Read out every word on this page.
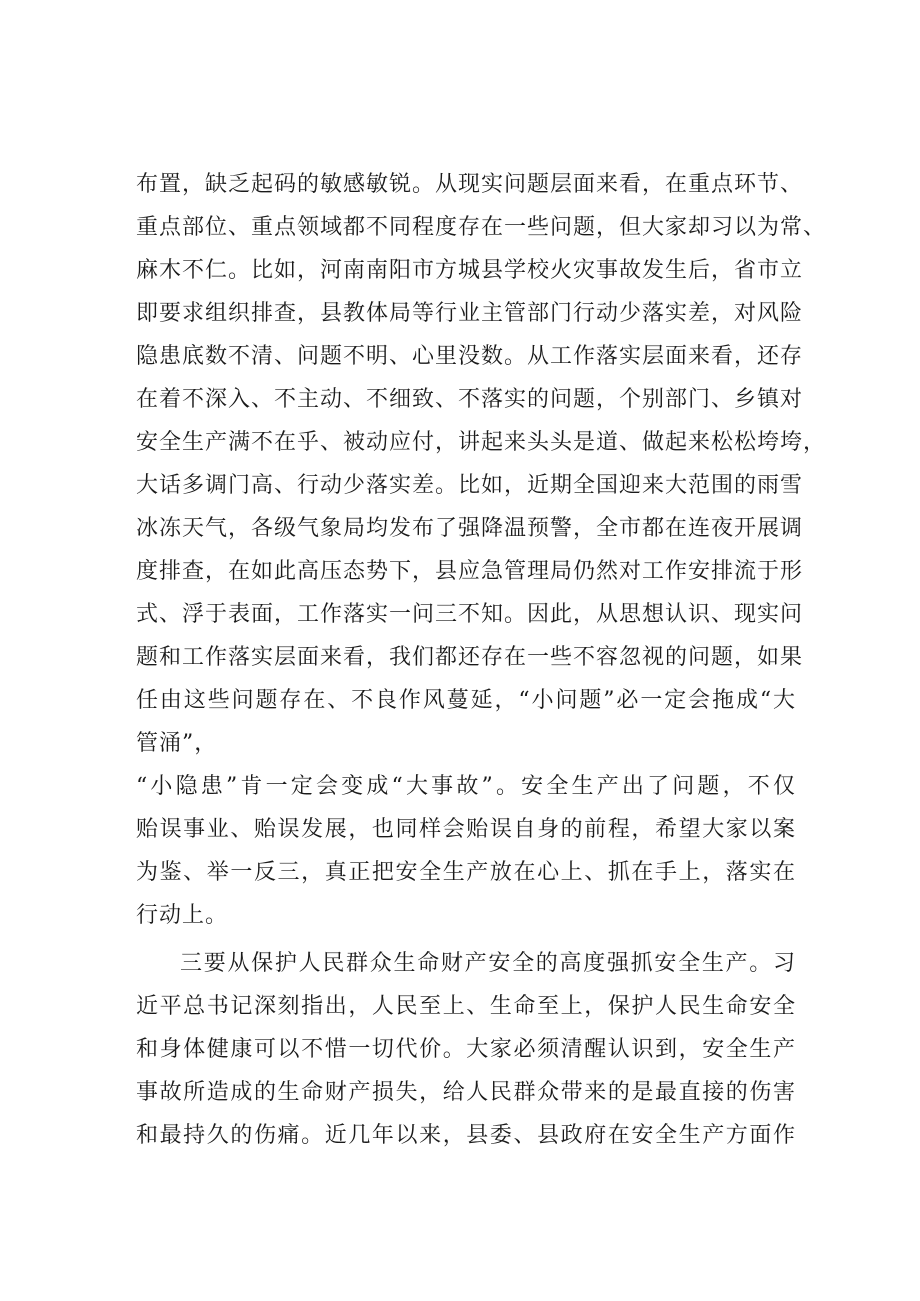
布置，缺乏起码的敏感敏锐。从现实问题层面来看，在重点环节、
重点部位、重点领域都不同程度存在一些问题，但大家却习以为常、
麻木不仁。比如，河南南阳市方城县学校火灾事故发生后，省市立
即要求组织排查，县教体局等行业主管部门行动少落实差，对风险
隐患底数不清、问题不明、心里没数。从工作落实层面来看，还存
在着不深入、不主动、不细致、不落实的问题，个别部门、乡镇对
安全生产满不在乎、被动应付，讲起来头头是道、做起来松松垮垮，
大话多调门高、行动少落实差。比如，近期全国迎来大范围的雨雪
冰冻天气，各级气象局均发布了强降温预警，全市都在连夜开展调
度排查，在如此高压态势下，县应急管理局仍然对工作安排流于形
式、浮于表面，工作落实一问三不知。因此，从思想认识、现实问
题和工作落实层面来看，我们都还存在一些不容忽视的问题，如果
任由这些问题存在、不良作风蔓延，“小问题”必一定会拖成“大
管涌”，
“小隐患”肯一定会变成“大事故”。安全生产出了问题，不仅
贻误事业、贻误发展，也同样会贻误自身的前程，希望大家以案
为鉴、举一反三，真正把安全生产放在心上、抓在手上，落实在
行动上。
三要从保护人民群众生命财产安全的高度强抓安全生产。习
近平总书记深刻指出，人民至上、生命至上，保护人民生命安全
和身体健康可以不惜一切代价。大家必须清醒认识到，安全生产
事故所造成的生命财产损失，给人民群众带来的是最直接的伤害
和最持久的伤痛。近几年以来，县委、县政府在安全生产方面作
